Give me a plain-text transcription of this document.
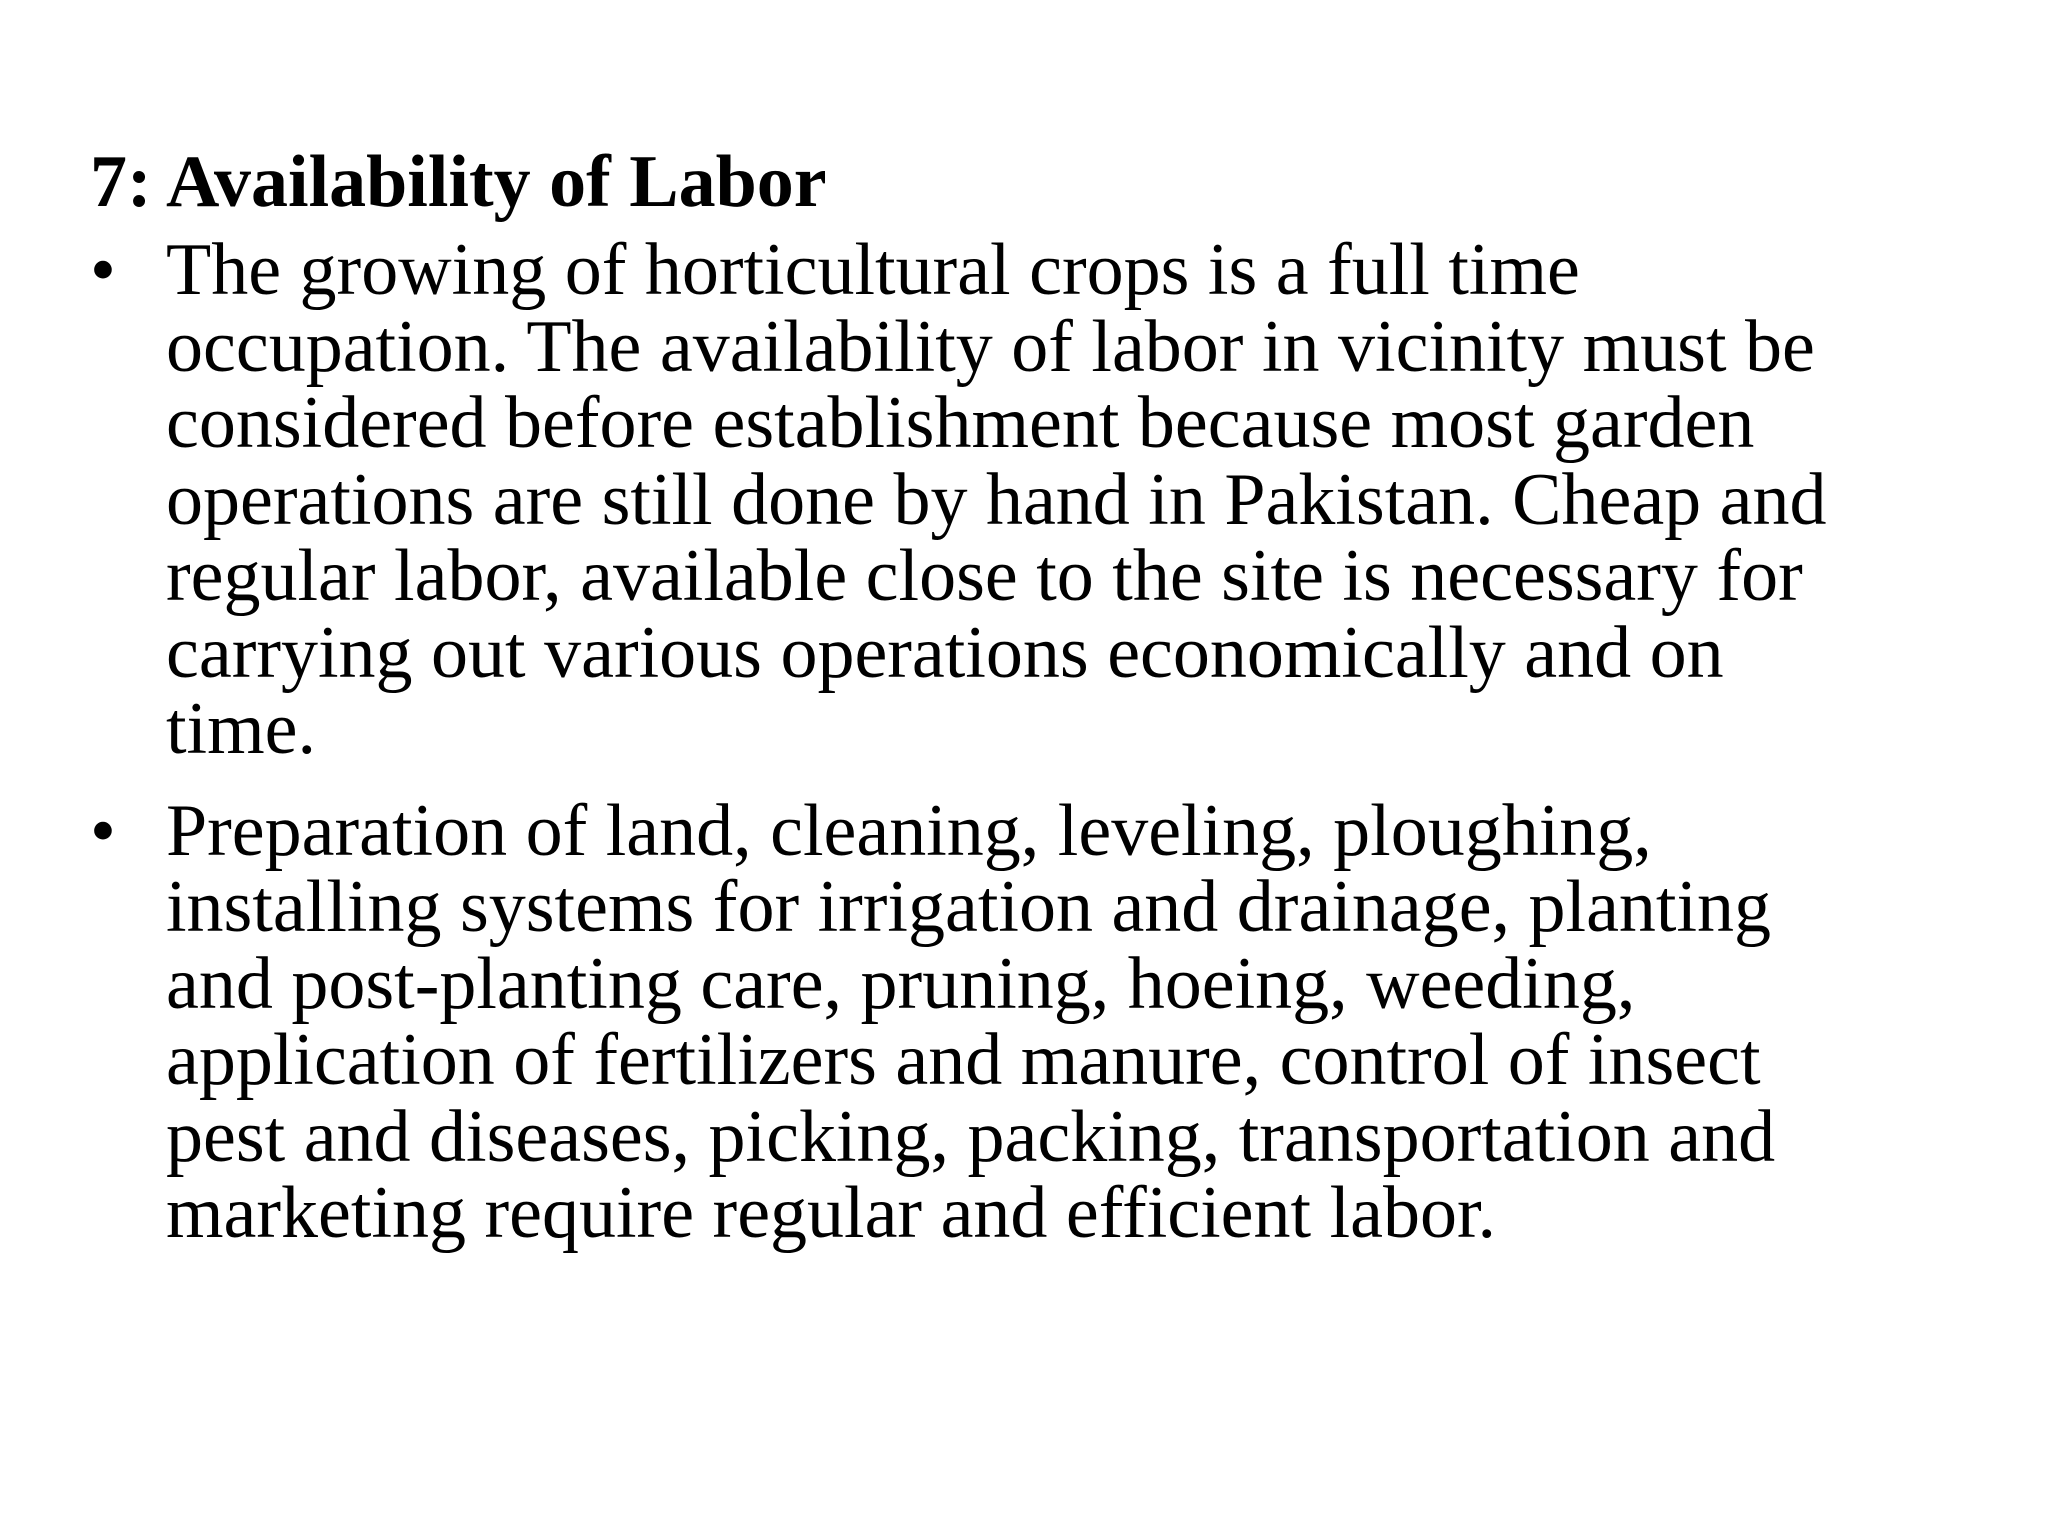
7: Availability of Labor
• The growing of horticultural crops is a full time
occupation. The availability of labor in vicinity must be
considered before establishment because most garden
operations are still done by hand in Pakistan. Cheap and
regular labor, available close to the site is necessary for
carrying out various operations economically and on
time.
• Preparation of land, cleaning, leveling, ploughing,
installing systems for irrigation and drainage, planting
and post-planting care, pruning, hoeing, weeding,
application of fertilizers and manure, control of insect
pest and diseases, picking, packing, transportation and
marketing require regular and efficient labor.
